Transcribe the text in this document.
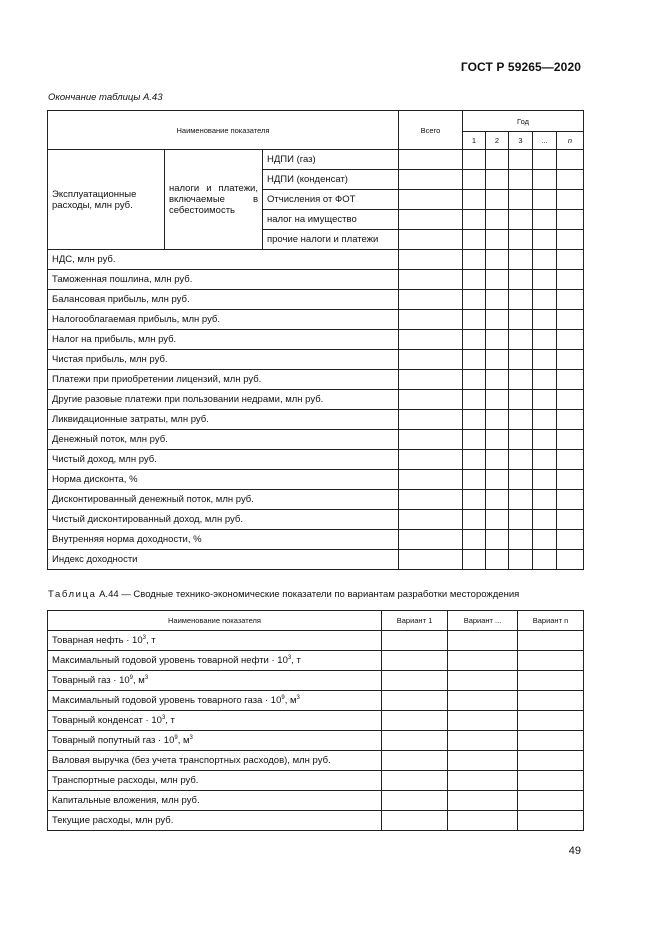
ГОСТ Р 59265—2020
Окончание таблицы А.43
Наименование показателя			Всего	Год				
				1	2	3	...	n
Эксплуатационные расходы, млн руб.	налоги и платежи, включаемые в себестоимость	НДПИ (газ)						
		НДПИ (конденсат)						
		Отчисления от ФОТ						
		налог на имущество						
		прочие налоги и платежи						
НДС, млн руб.								
Таможенная пошлина, млн руб.								
Балансовая прибыль, млн руб.								
Налогооблагаемая прибыль, млн руб.								
Налог на прибыль, млн руб.								
Чистая прибыль, млн руб.								
Платежи при приобретении лицензий, млн руб.								
Другие разовые платежи при пользовании недрами, млн руб.								
Ликвидационные затраты, млн руб.								
Денежный поток, млн руб.								
Чистый доход, млн руб.								
Норма дисконта, %								
Дисконтированный денежный поток, млн руб.								
Чистый дисконтированный доход, млн руб.								
Внутренняя норма доходности, %								
Индекс доходности								
Таблица А.44 — Сводные технико-экономические показатели по вариантам разработки месторождения
Наименование показателя	Вариант 1	Вариант ...	Вариант n
Товарная нефть · $10^3$, т			
Максимальный годовой уровень товарной нефти · $10^3$, т			
Товарный газ · $10^9$, $м^3$			
Максимальный годовой уровень товарного газа · $10^9$, $м^3$			
Товарный конденсат · $10^3$, т			
Товарный попутный газ · $10^9$, $м^3$			
Валовая выручка (без учета транспортных расходов), млн руб.			
Транспортные расходы, млн руб.			
Капитальные вложения, млн руб.			
Текущие расходы, млн руб.			
49
